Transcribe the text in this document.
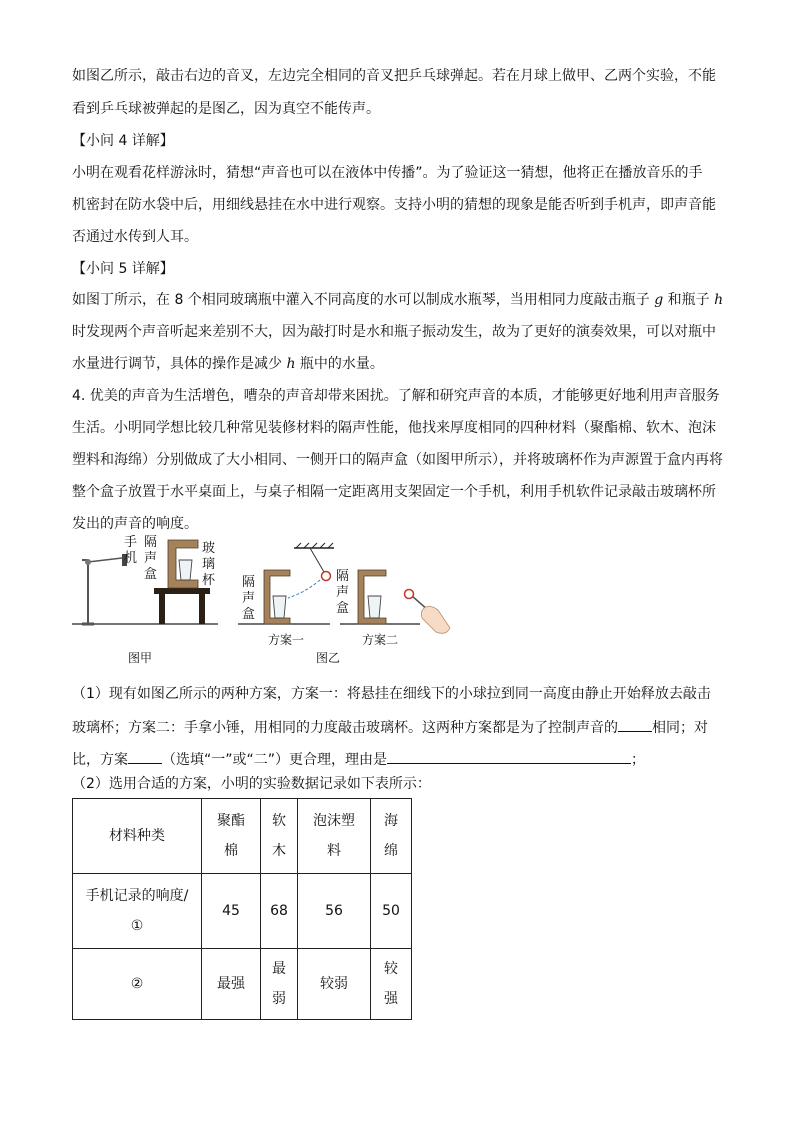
如图乙所示，敲击右边的音叉，左边完全相同的音叉把乒乓球弹起。若在月球上做甲、乙两个实验，不能
看到乒乓球被弹起的是图乙，因为真空不能传声。
【小问 4 详解】
小明在观看花样游泳时，猜想“声音也可以在液体中传播”。为了验证这一猜想，他将正在播放音乐的手
机密封在防水袋中后，用细线悬挂在水中进行观察。支持小明的猜想的现象是能否听到手机声，即声音能
否通过水传到人耳。
【小问 5 详解】
如图丁所示，在 8 个相同玻璃瓶中灌入不同高度的水可以制成水瓶琴，当用相同力度敲击瓶子 g 和瓶子 h
时发现两个声音听起来差别不大，因为敲打时是水和瓶子振动发生，故为了更好的演奏效果，可以对瓶中
水量进行调节，具体的操作是减少 h 瓶中的水量。
4. 优美的声音为生活增色，嘈杂的声音却带来困扰。了解和研究声音的本质，才能够更好地利用声音服务
生活。小明同学想比较几种常见装修材料的隔声性能，他找来厚度相同的四种材料（聚酯棉、软木、泡沫
塑料和海绵）分别做成了大小相同、一侧开口的隔声盒（如图甲所示），并将玻璃杯作为声源置于盒内再将
整个盒子放置于水平桌面上，与桌子相隔一定距离用支架固定一个手机，利用手机软件记录敲击玻璃杯所
发出的声音的响度。
手
机
隔
声
盒
玻
璃
杯
图甲
隔
声
盒
方案一
隔
声
盒
方案二
图乙
（1）现有如图乙所示的两种方案，方案一：将悬挂在细线下的小球拉到同一高度由静止开始释放去敲击
玻璃杯；方案二：手拿小锤，用相同的力度敲击玻璃杯。这两种方案都是为了控制声音的 相同；对
比，方案 （选填“一”或“二”）更合理，理由是	；
（2）选用合适的方案，小明的实验数据记录如下表所示：
材料种类	聚酯棉	软木	泡沫塑料	海绵

手机记录的响度/①	45	68	56	50
②	最强	最弱	较弱	较强
